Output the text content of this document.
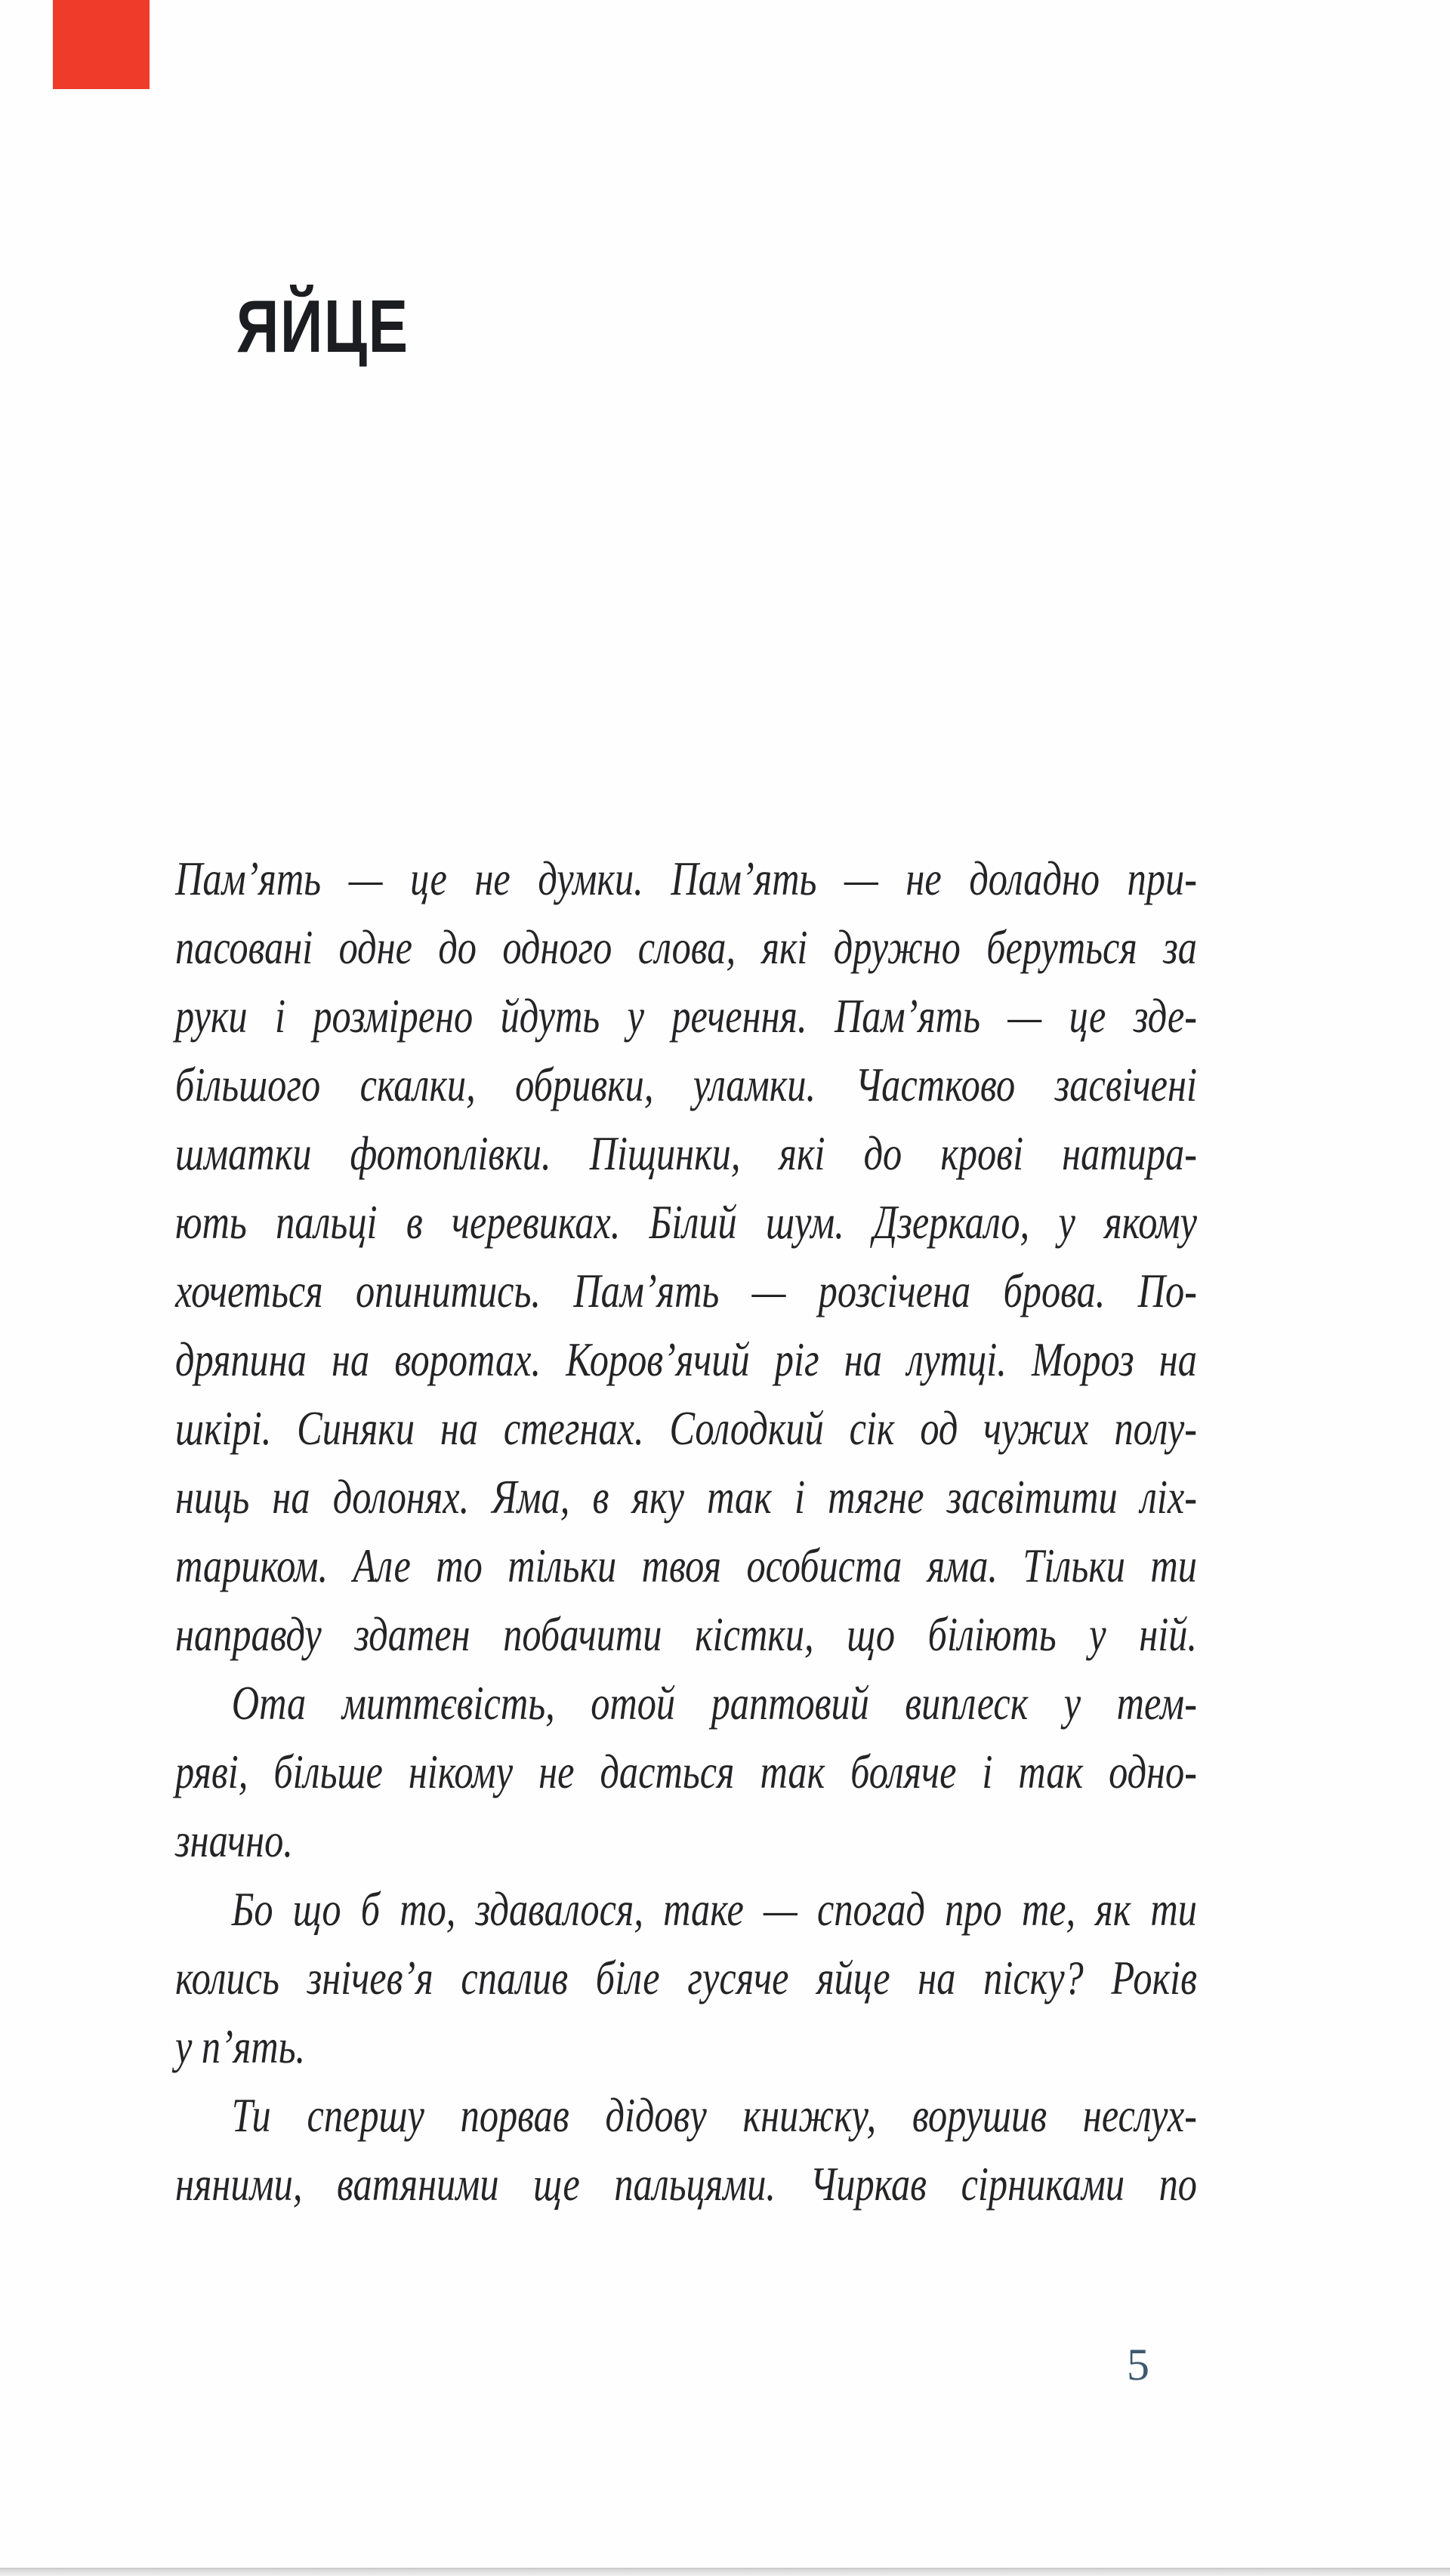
ЯЙЦЕ
Пам’ять — це не думки. Пам’ять — не доладно при-
пасовані одне до одного слова, які дружно беруться за
руки і розмірено йдуть у речення. Пам’ять — це зде-
більшого скалки, обривки, уламки. Частково засвічені
шматки фотоплівки. Піщинки, які до крові натира-
ють пальці в черевиках. Білий шум. Дзеркало, у якому
хочеться опинитись. Пам’ять — розсічена брова. По-
дряпина на воротах. Коров’ячий ріг на лутці. Мороз на
шкірі. Синяки на стегнах. Солодкий сік од чужих полу-
ниць на долонях. Яма, в яку так і тягне засвітити ліх-
тариком. Але то тільки твоя особиста яма. Тільки ти
направду здатен побачити кістки, що біліють у ній.
Ота миттєвість, отой раптовий виплеск у тем-
ряві, більше нікому не дасться так боляче і так одно-
значно.
Бо що б то, здавалося, таке — спогад про те, як ти
колись знічев’я спалив біле гусяче яйце на піску? Років
у п’ять.
Ти спершу порвав дідову книжку, ворушив неслух-
няними, ватяними ще пальцями. Чиркав сірниками по
5
